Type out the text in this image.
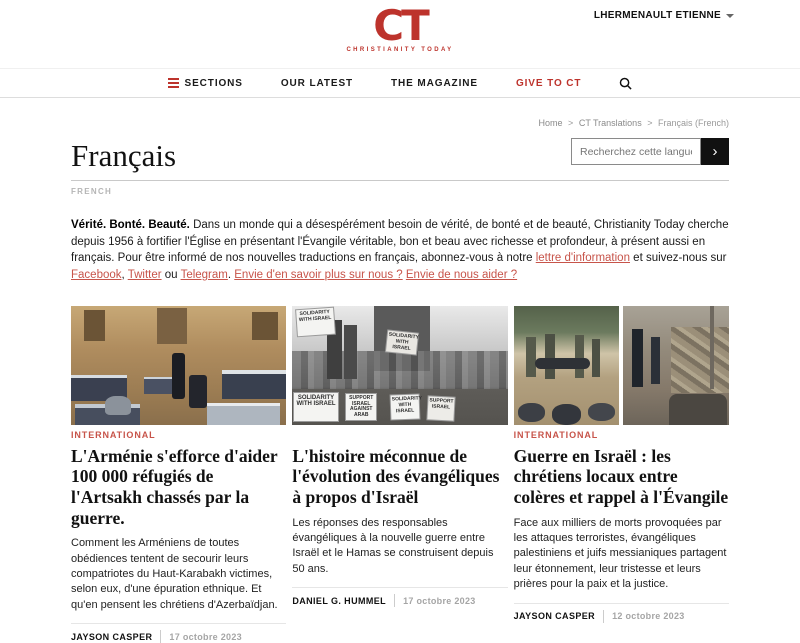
CT
CHRISTIANITY TODAY
LHERMENAULT ETIENNE
SECTIONS	OUR LATEST	THE MAGAZINE	GIVE TO CT
Home > CT Translations > Français (French)
Français
Recherchez cette langue	›
FRENCH

Vérité. Bonté. Beauté. Dans un monde qui a désespérément besoin de vérité, de bonté et de beauté, Christianity Today cherche depuis 1956 à fortifier l'Église en présentant l'Évangile véritable, bon et beau avec richesse et profondeur, à présent aussi en français. Pour être informé de nos nouvelles traductions en français, abonnez-vous à notre lettre d'information et suivez-nous sur Facebook, Twitter ou Telegram. Envie d'en savoir plus sur nous ? Envie de nous aider ?

INTERNATIONAL
L'Arménie s'efforce d'aider 100 000 réfugiés de l'Artsakh chassés par la guerre.

Comment les Arméniens de toutes obédiences tentent de secourir leurs compatriotes du Haut-Karabakh victimes, selon eux, d'une épuration ethnique. Et qu'en pensent les chrétiens d'Azerbaïdjan.

JAYSON CASPER 17 octobre 2023
SOLIDARITY WITH ISRAEL
SOLIDARITY WITH ISRAEL
SOLIDARITY WITH ISRAEL
SUPPORT ISRAEL AGAINST ARAB
SOLIDARITY WITH ISRAEL
SUPPORT ISRAEL
L'histoire méconnue de l'évolution des évangéliques à propos d'Israël

Les réponses des responsables évangéliques à la nouvelle guerre entre Israël et le Hamas se construisent depuis 50 ans.

DANIEL G. HUMMEL 17 octobre 2023
INTERNATIONAL
Guerre en Israël : les chrétiens locaux entre colères et rappel à l'Évangile

Face aux milliers de morts provoquées par les attaques terroristes, évangéliques palestiniens et juifs messianiques partagent leur étonnement, leur tristesse et leurs prières pour la paix et la justice.

JAYSON CASPER 12 octobre 2023
